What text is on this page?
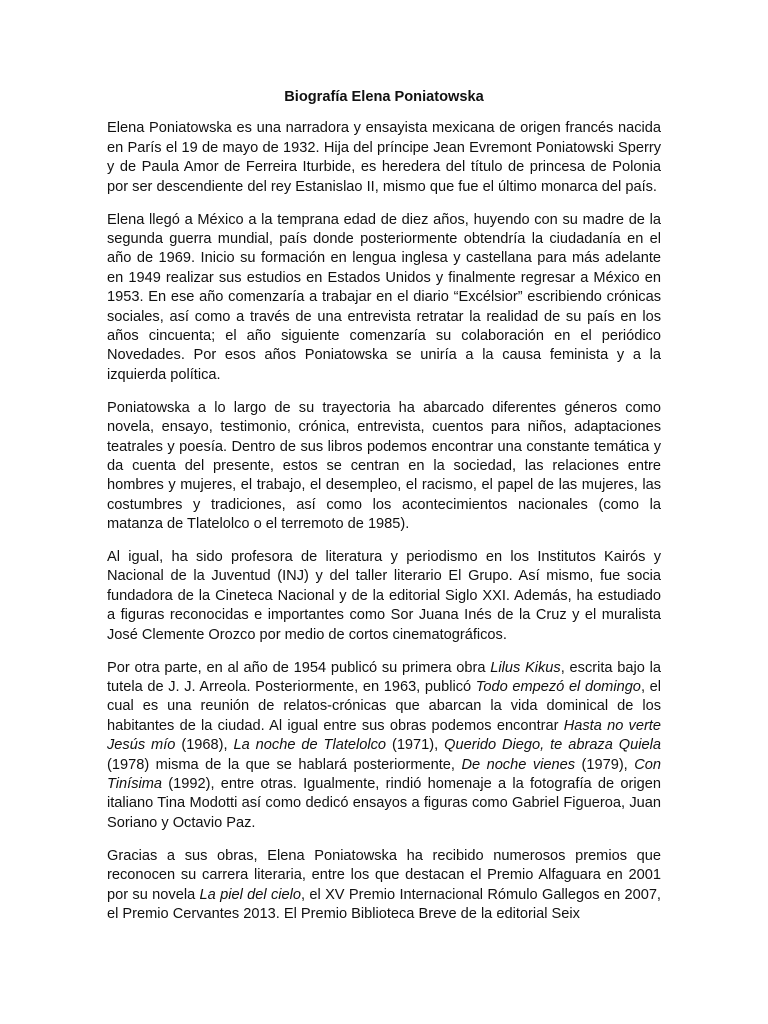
Biografía Elena Poniatowska

Elena Poniatowska es una narradora y ensayista mexicana de origen francés nacida en París el 19 de mayo de 1932. Hija del príncipe Jean Evremont Poniatowski Sperry y de Paula Amor de Ferreira Iturbide, es heredera del título de princesa de Polonia por ser descendiente del rey Estanislao II, mismo que fue el último monarca del país.

Elena llegó a México a la temprana edad de diez años, huyendo con su madre de la segunda guerra mundial, país donde posteriormente obtendría la ciudadanía en el año de 1969. Inicio su formación en lengua inglesa y castellana para más adelante en 1949 realizar sus estudios en Estados Unidos y finalmente regresar a México en 1953. En ese año comenzaría a trabajar en el diario “Excélsior” escribiendo crónicas sociales, así como a través de una entrevista retratar la realidad de su país en los años cincuenta; el año siguiente comenzaría su colaboración en el periódico Novedades. Por esos años Poniatowska se uniría a la causa feminista y a la izquierda política.

Poniatowska a lo largo de su trayectoria ha abarcado diferentes géneros como novela, ensayo, testimonio, crónica, entrevista, cuentos para niños, adaptaciones teatrales y poesía. Dentro de sus libros podemos encontrar una constante temática y da cuenta del presente, estos se centran en la sociedad, las relaciones entre hombres y mujeres, el trabajo, el desempleo, el racismo, el papel de las mujeres, las costumbres y tradiciones, así como los acontecimientos nacionales (como la matanza de Tlatelolco o el terremoto de 1985).

Al igual, ha sido profesora de literatura y periodismo en los Institutos Kairós y Nacional de la Juventud (INJ) y del taller literario El Grupo. Así mismo, fue socia fundadora de la Cineteca Nacional y de la editorial Siglo XXI. Además, ha estudiado a figuras reconocidas e importantes como Sor Juana Inés de la Cruz y el muralista José Clemente Orozco por medio de cortos cinematográficos.

Por otra parte, en al año de 1954 publicó su primera obra Lilus Kikus, escrita bajo la tutela de J. J. Arreola. Posteriormente, en 1963, publicó Todo empezó el domingo, el cual es una reunión de relatos-crónicas que abarcan la vida dominical de los habitantes de la ciudad. Al igual entre sus obras podemos encontrar Hasta no verte Jesús mío (1968), La noche de Tlatelolco (1971), Querido Diego, te abraza Quiela (1978) misma de la que se hablará posteriormente, De noche vienes (1979), Con Tinísima (1992), entre otras. Igualmente, rindió homenaje a la fotografía de origen italiano Tina Modotti así como dedicó ensayos a figuras como Gabriel Figueroa, Juan Soriano y Octavio Paz.

Gracias a sus obras, Elena Poniatowska ha recibido numerosos premios que reconocen su carrera literaria, entre los que destacan el Premio Alfaguara en 2001 por su novela La piel del cielo, el XV Premio Internacional Rómulo Gallegos en 2007, el Premio Cervantes 2013. El Premio Biblioteca Breve de la editorial Seix
